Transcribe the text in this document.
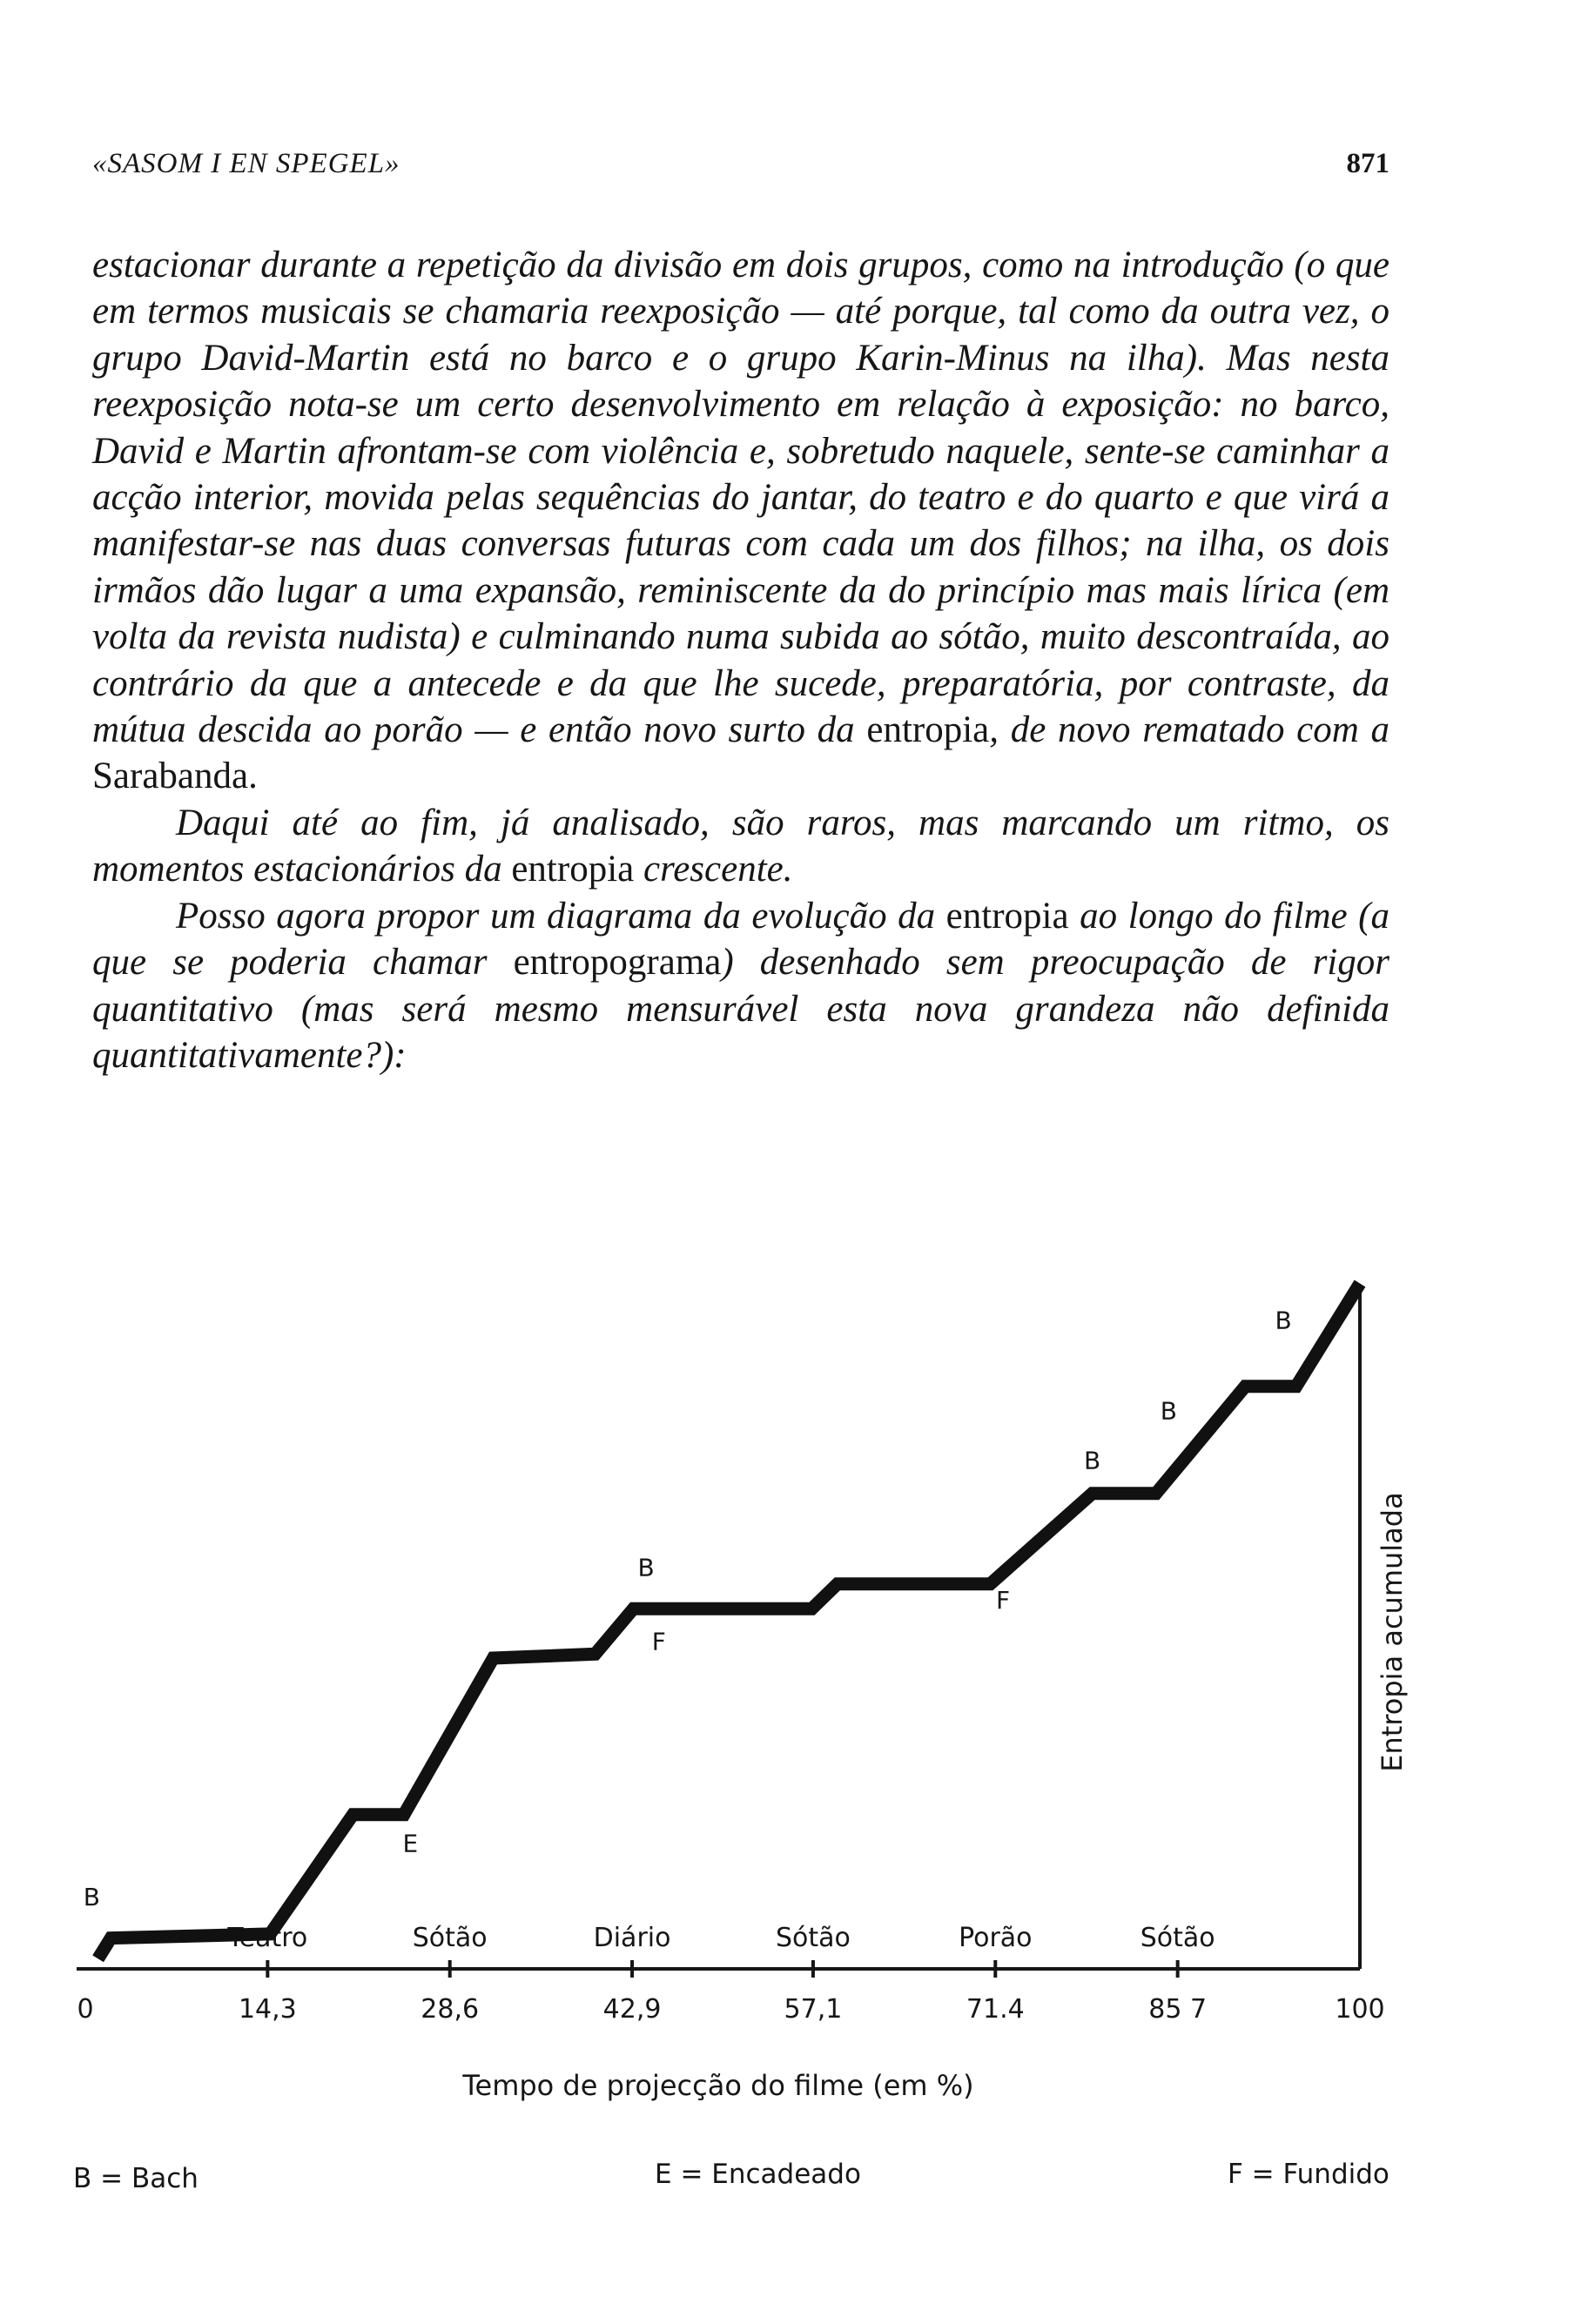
«SASOM I EN SPEGEL»	871

estacionar durante a repetição da divisão em dois grupos, como na introdução (o que em termos musicais se chamaria reexposição — até porque, tal como da outra vez, o grupo David-Martin está no barco e o grupo Karin-Minus na ilha). Mas nesta reexposição nota-se um certo desenvolvimento em relação à exposição: no barco, David e Martin afrontam-se com violência e, sobretudo naquele, sente-se caminhar a acção interior, movida pelas sequências do jantar, do teatro e do quarto e que virá a manifestar-se nas duas conversas futuras com cada um dos filhos; na ilha, os dois irmãos dão lugar a uma expansão, reminiscente da do princípio mas mais lírica (em volta da revista nudista) e culminando numa subida ao sótão, muito descontraída, ao contrário da que a antecede e da que lhe sucede, preparatória, por contraste, da mútua descida ao porão — e então novo surto da entropia, de novo rematado com a Sarabanda.

Daqui até ao fim, já analisado, são raros, mas marcando um ritmo, os momentos estacionários da entropia crescente.

Posso agora propor um diagrama da evolução da entropia ao longo do filme (a que se poderia chamar entropograma) desenhado sem preocupação de rigor quantitativo (mas será mesmo mensurável esta nova grandeza não definida quantitativamente?):

0	14,3	28,6	42,9	57,1	71.4	85 7	100
Teatro	Sótão	Diário	Sótão	Porão	Sótão
B
E
B
F
F
B
B
B
Tempo de projecção do filme (em %)
Entropia acumulada
B = Bach	E = Encadeado	F = Fundido
